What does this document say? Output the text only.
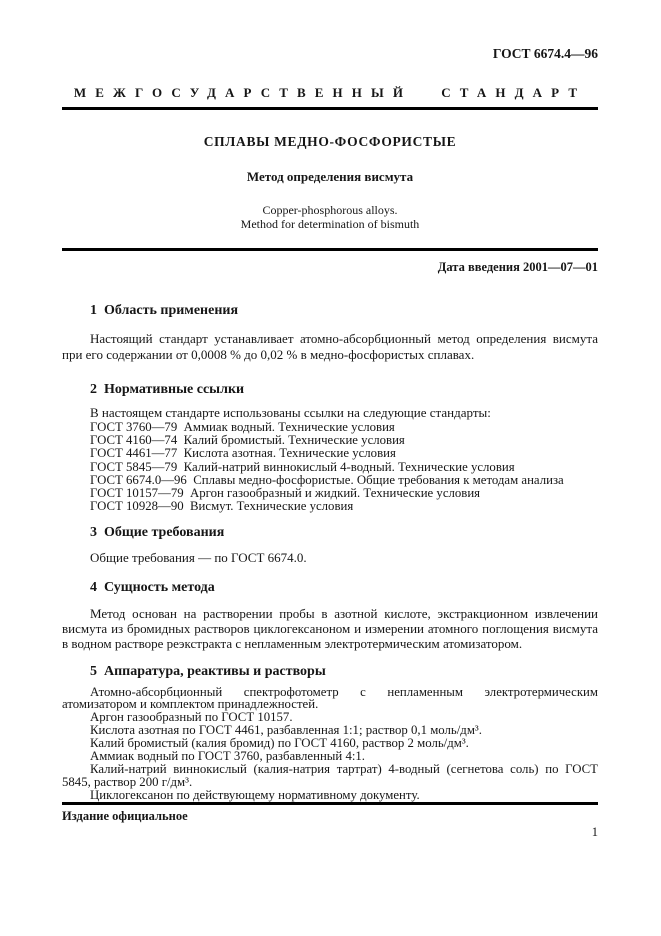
ГОСТ 6674.4—96
МЕЖГОСУДАРСТВЕННЫЙ СТАНДАРТ
СПЛАВЫ МЕДНО-ФОСФОРИСТЫЕ
Метод определения висмута
Copper-phosphorous alloys.
Method for determination of bismuth
Дата введения 2001—07—01
1  Область применения

Настоящий стандарт устанавливает атомно-абсорбционный метод определения висмута при его содержании от 0,0008 % до 0,02 % в медно-фосфористых сплавах.

2  Нормативные ссылки

В настоящем стандарте использованы ссылки на следующие стандарты:

ГОСТ 3760—79  Аммиак водный. Технические условия
ГОСТ 4160—74  Калий бромистый. Технические условия
ГОСТ 4461—77  Кислота азотная. Технические условия
ГОСТ 5845—79  Калий-натрий виннокислый 4-водный. Технические условия
ГОСТ 6674.0—96  Сплавы медно-фосфористые. Общие требования к методам анализа
ГОСТ 10157—79  Аргон газообразный и жидкий. Технические условия
ГОСТ 10928—90  Висмут. Технические условия
3  Общие требования

Общие требования — по ГОСТ 6674.0.

4  Сущность метода

Метод основан на растворении пробы в азотной кислоте, экстракционном извлечении висмута из бромидных растворов циклогексаноном и измерении атомного поглощения висмута в водном растворе реэкстракта с непламенным электротермическим атомизатором.

5  Аппаратура, реактивы и растворы

Атомно-абсорбционный спектрофотометр с непламенным электротермическим атомизатором и комплектом принадлежностей.

Аргон газообразный по ГОСТ 10157.

Кислота азотная по ГОСТ 4461, разбавленная 1:1; раствор 0,1 моль/дм³.

Калий бромистый (калия бромид) по ГОСТ 4160, раствор 2 моль/дм³.

Аммиак водный по ГОСТ 3760, разбавленный 4:1.

Калий-натрий виннокислый (калия-натрия тартрат) 4-водный (сегнетова соль) по ГОСТ 5845, раствор 200 г/дм³.

Циклогексанон по действующему нормативному документу.

Издание официальное
1
